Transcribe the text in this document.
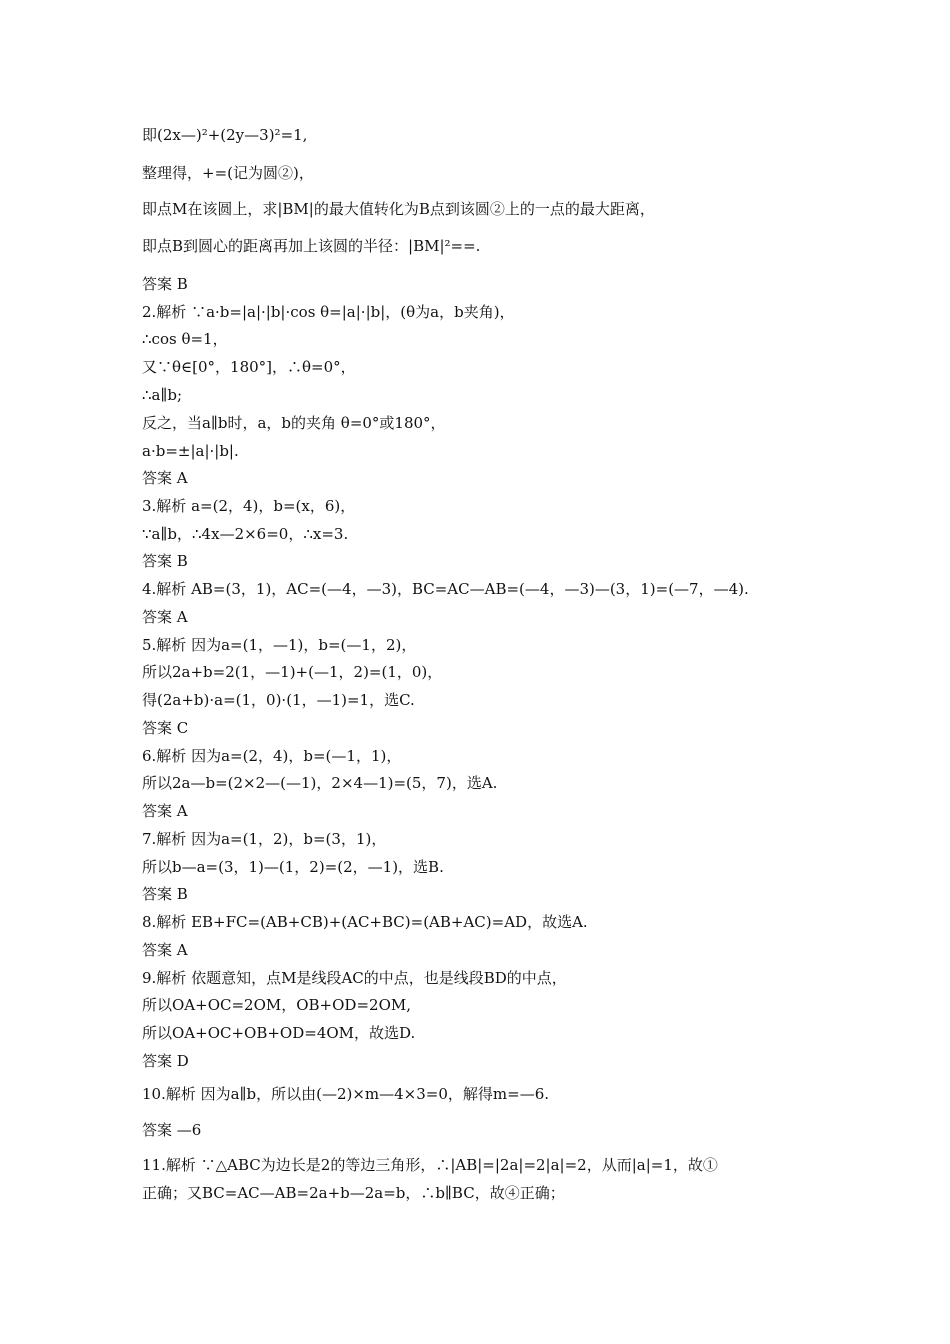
即(2x—)²+(2y—3)²=1,
整理得，+=(记为圆②)，
即点M在该圆上，求|BM|的最大值转化为B点到该圆②上的一点的最大距离，
即点B到圆心的距离再加上该圆的半径：|BM|²==.
答案 B
2.解析 ∵a·b=|a|·|b|·cos θ=|a|·|b|，(θ为a，b夹角)，
∴cos θ=1，
又∵θ∈[0°，180°]，∴θ=0°，
∴a∥b;
反之，当a∥b时，a，b的夹角 θ=0°或180°，
a·b=±|a|·|b|.
答案 A
3.解析 a=(2，4)，b=(x，6)，
∵a∥b，∴4x—2×6=0，∴x=3.
答案 B
4.解析 AB=(3，1)，AC=(—4，—3)，BC=AC—AB=(—4，—3)—(3，1)=(—7，—4).
答案 A
5.解析 因为a=(1，—1)，b=(—1，2)，
所以2a+b=2(1，—1)+(—1，2)=(1，0)，
得(2a+b)·a=(1，0)·(1，—1)=1，选C.
答案 C
6.解析 因为a=(2，4)，b=(—1，1)，
所以2a—b=(2×2—(—1)，2×4—1)=(5，7)，选A.
答案 A
7.解析 因为a=(1，2)，b=(3，1)，
所以b—a=(3，1)—(1，2)=(2，—1)，选B.
答案 B
8.解析 EB+FC=(AB+CB)+(AC+BC)=(AB+AC)=AD，故选A.
答案 A
9.解析 依题意知，点M是线段AC的中点，也是线段BD的中点，
所以OA+OC=2OM，OB+OD=2OM,
所以OA+OC+OB+OD=4OM，故选D.
答案 D
10.解析 因为a∥b，所以由(—2)×m—4×3=0，解得m=—6.
答案 —6
11.解析 ∵△ABC为边长是2的等边三角形，∴|AB|=|2a|=2|a|=2，从而|a|=1，故①
正确；又BC=AC—AB=2a+b—2a=b，∴b∥BC，故④正确；
